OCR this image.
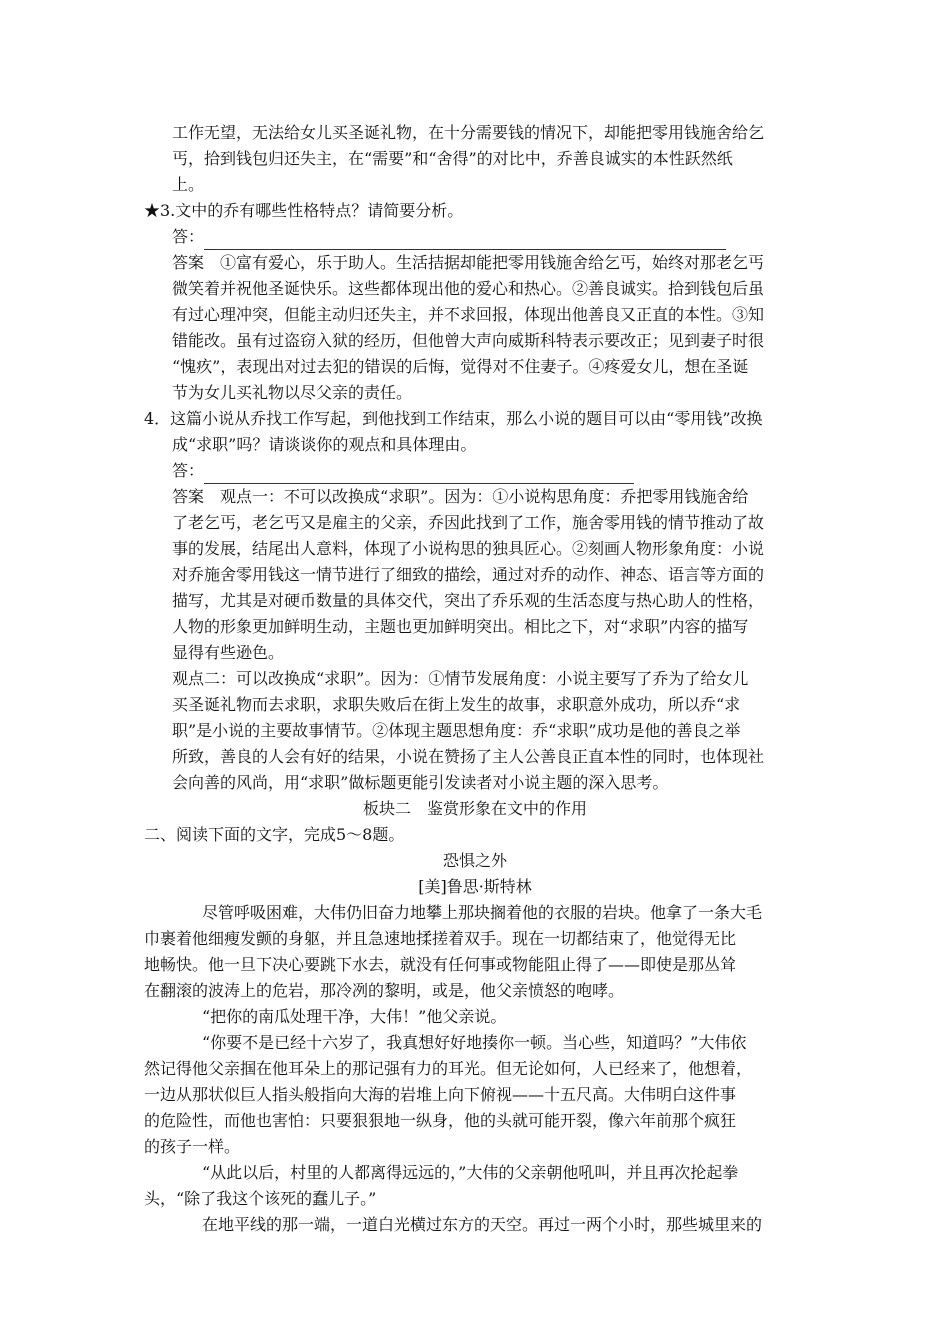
工作无望，无法给女儿买圣诞礼物，在十分需要钱的情况下，却能把零用钱施舍给乞

丐，拾到钱包归还失主，在“需要”和“舍得”的对比中，乔善良诚实的本性跃然纸

上。

★3.文中的乔有哪些性格特点？请简要分析。

答：

答案　①富有爱心，乐于助人。生活拮据却能把零用钱施舍给乞丐，始终对那老乞丐

微笑着并祝他圣诞快乐。这些都体现出他的爱心和热心。②善良诚实。拾到钱包后虽

有过心理冲突，但能主动归还失主，并不求回报，体现出他善良又正直的本性。③知

错能改。虽有过盗窃入狱的经历，但他曾大声向威斯科特表示要改正；见到妻子时很

“愧疚”，表现出对过去犯的错误的后悔，觉得对不住妻子。④疼爱女儿，想在圣诞

节为女儿买礼物以尽父亲的责任。

4．这篇小说从乔找工作写起，到他找到工作结束，那么小说的题目可以由“零用钱”改换

成“求职”吗？请谈谈你的观点和具体理由。

答：

答案　观点一：不可以改换成“求职”。因为：①小说构思角度：乔把零用钱施舍给

了老乞丐，老乞丐又是雇主的父亲，乔因此找到了工作，施舍零用钱的情节推动了故

事的发展，结尾出人意料，体现了小说构思的独具匠心。②刻画人物形象角度：小说

对乔施舍零用钱这一情节进行了细致的描绘，通过对乔的动作、神态、语言等方面的

描写，尤其是对硬币数量的具体交代，突出了乔乐观的生活态度与热心助人的性格，

人物的形象更加鲜明生动，主题也更加鲜明突出。相比之下，对“求职”内容的描写

显得有些逊色。

观点二：可以改换成“求职”。因为：①情节发展角度：小说主要写了乔为了给女儿

买圣诞礼物而去求职，求职失败后在街上发生的故事，求职意外成功，所以乔“求

职”是小说的主要故事情节。②体现主题思想角度：乔“求职”成功是他的善良之举

所致，善良的人会有好的结果，小说在赞扬了主人公善良正直本性的同时，也体现社

会向善的风尚，用“求职”做标题更能引发读者对小说主题的深入思考。

板块二　鉴赏形象在文中的作用

二、阅读下面的文字，完成5～8题。

恐惧之外

[美]鲁思·斯特林

尽管呼吸困难，大伟仍旧奋力地攀上那块搁着他的衣服的岩块。他拿了一条大毛

巾裹着他细瘦发颤的身躯，并且急速地揉搓着双手。现在一切都结束了，他觉得无比

地畅快。他一旦下决心要跳下水去，就没有任何事或物能阻止得了——即使是那丛耸

在翻滚的波涛上的危岩，那冷冽的黎明，或是，他父亲愤怒的咆哮。

“把你的南瓜处理干净，大伟！”他父亲说。

“你要不是已经十六岁了，我真想好好地揍你一顿。当心些，知道吗？”大伟依

然记得他父亲掴在他耳朵上的那记强有力的耳光。但无论如何，人已经来了，他想着，

一边从那状似巨人指头般指向大海的岩堆上向下俯视——十五尺高。大伟明白这件事

的危险性，而他也害怕：只要狠狠地一纵身，他的头就可能开裂，像六年前那个疯狂

的孩子一样。

“从此以后，村里的人都离得远远的，”大伟的父亲朝他吼叫，并且再次抡起拳

头，“除了我这个该死的蠢儿子。”

在地平线的那一端，一道白光横过东方的天空。再过一两个小时，那些城里来的
